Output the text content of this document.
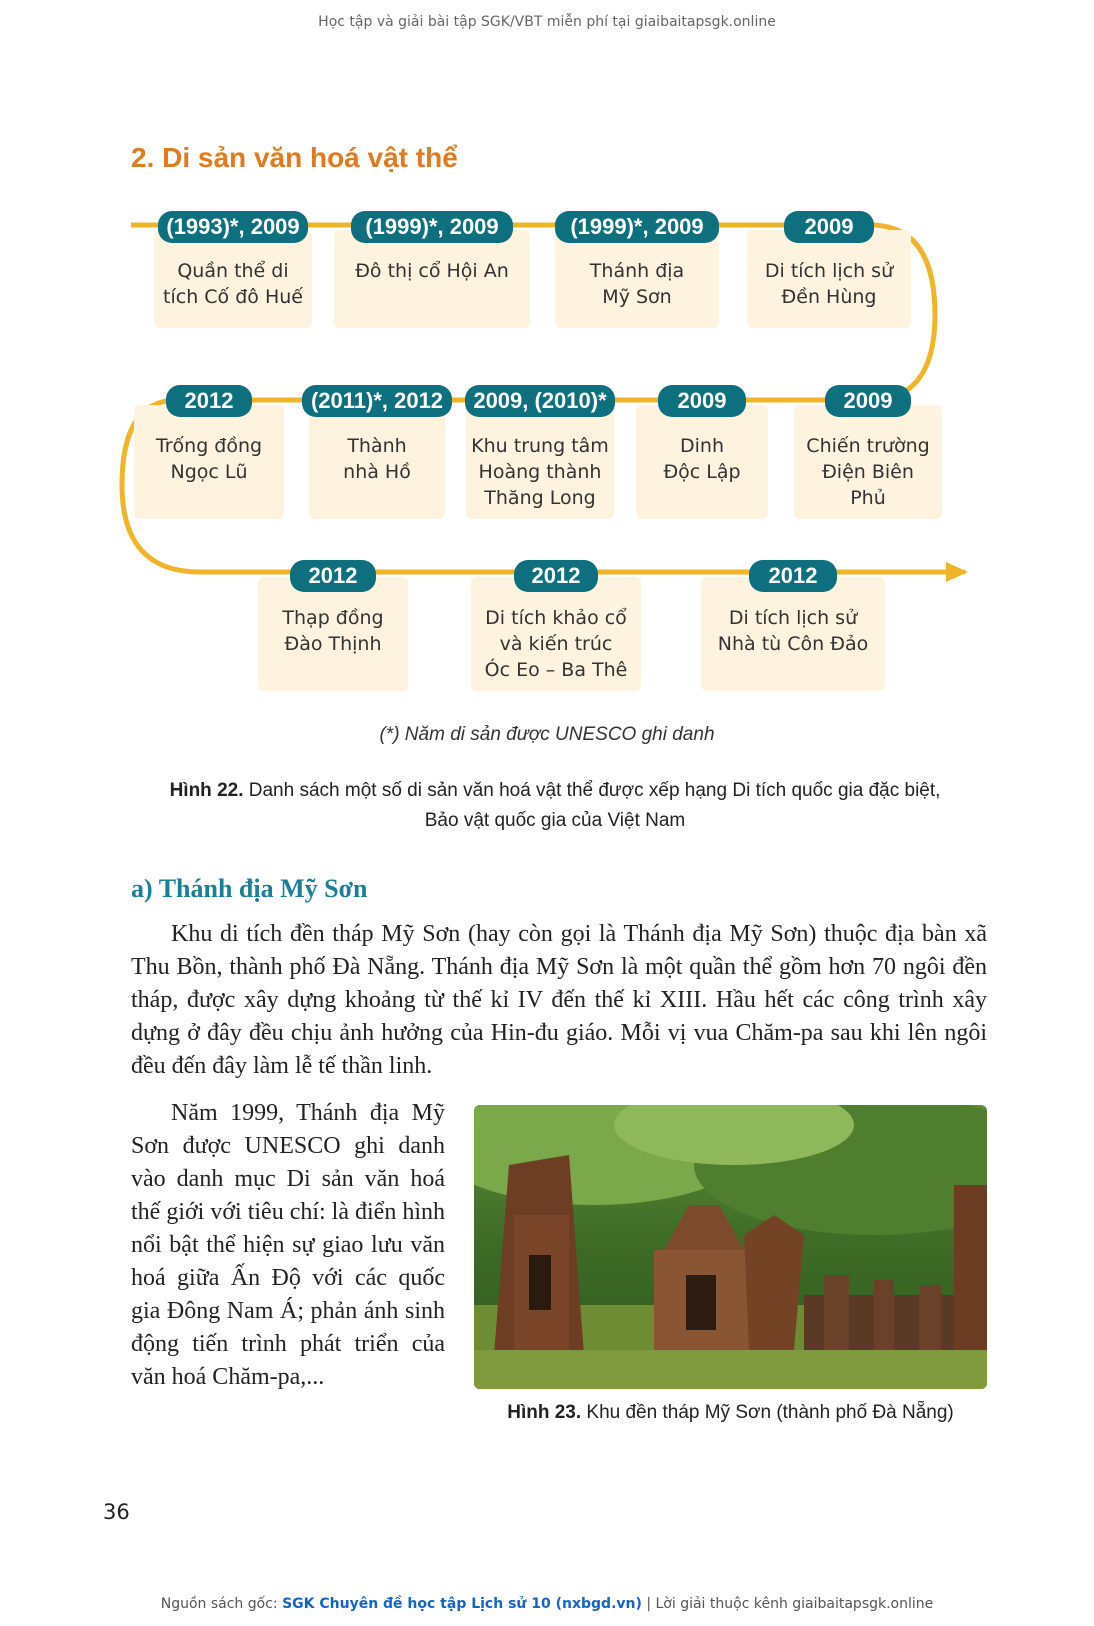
Học tập và giải bài tập SGK/VBT miễn phí tại giaibaitapsgk.online
2. Di sản văn hoá vật thể
Quần thể di
tích Cố đô Huế
(1993)*, 2009
Đô thị cổ Hội An
(1999)*, 2009
Thánh địa
Mỹ Sơn
(1999)*, 2009
Di tích lịch sử
Đền Hùng
2009
Trống đồng
Ngọc Lũ
2012
Thành
nhà Hồ
(2011)*, 2012
Khu trung tâm
Hoàng thành
Thăng Long
2009, (2010)*
Dinh
Độc Lập
2009
Chiến trường
Điện Biên
Phủ
2009
Thạp đồng
Đào Thịnh
2012
Di tích khảo cổ
và kiến trúc
Óc Eo – Ba Thê
2012
Di tích lịch sử
Nhà tù Côn Đảo
2012
(*) Năm di sản được UNESCO ghi danh
Hình 22. Danh sách một số di sản văn hoá vật thể được xếp hạng Di tích quốc gia đặc biệt,
Bảo vật quốc gia của Việt Nam
a) Thánh địa Mỹ Sơn
Khu di tích đền tháp Mỹ Sơn (hay còn gọi là Thánh địa Mỹ Sơn) thuộc địa bàn xã Thu Bồn, thành phố Đà Nẵng. Thánh địa Mỹ Sơn là một quần thể gồm hơn 70 ngôi đền tháp, được xây dựng khoảng từ thế kỉ IV đến thế kỉ XIII. Hầu hết các công trình xây dựng ở đây đều chịu ảnh hưởng của Hin-đu giáo. Mỗi vị vua Chăm-pa sau khi lên ngôi đều đến đây làm lễ tế thần linh.
Năm 1999, Thánh địa Mỹ Sơn được UNESCO ghi danh vào danh mục Di sản văn hoá thế giới với tiêu chí: là điển hình nổi bật thể hiện sự giao lưu văn hoá giữa Ấn Độ với các quốc gia Đông Nam Á; phản ánh sinh động tiến trình phát triển của văn hoá Chăm-pa,...
Hình 23. Khu đền tháp Mỹ Sơn (thành phố Đà Nẵng)
36
Nguồn sách gốc: SGK Chuyên đề học tập Lịch sử 10 (nxbgd.vn) | Lời giải thuộc kênh giaibaitapsgk.online
